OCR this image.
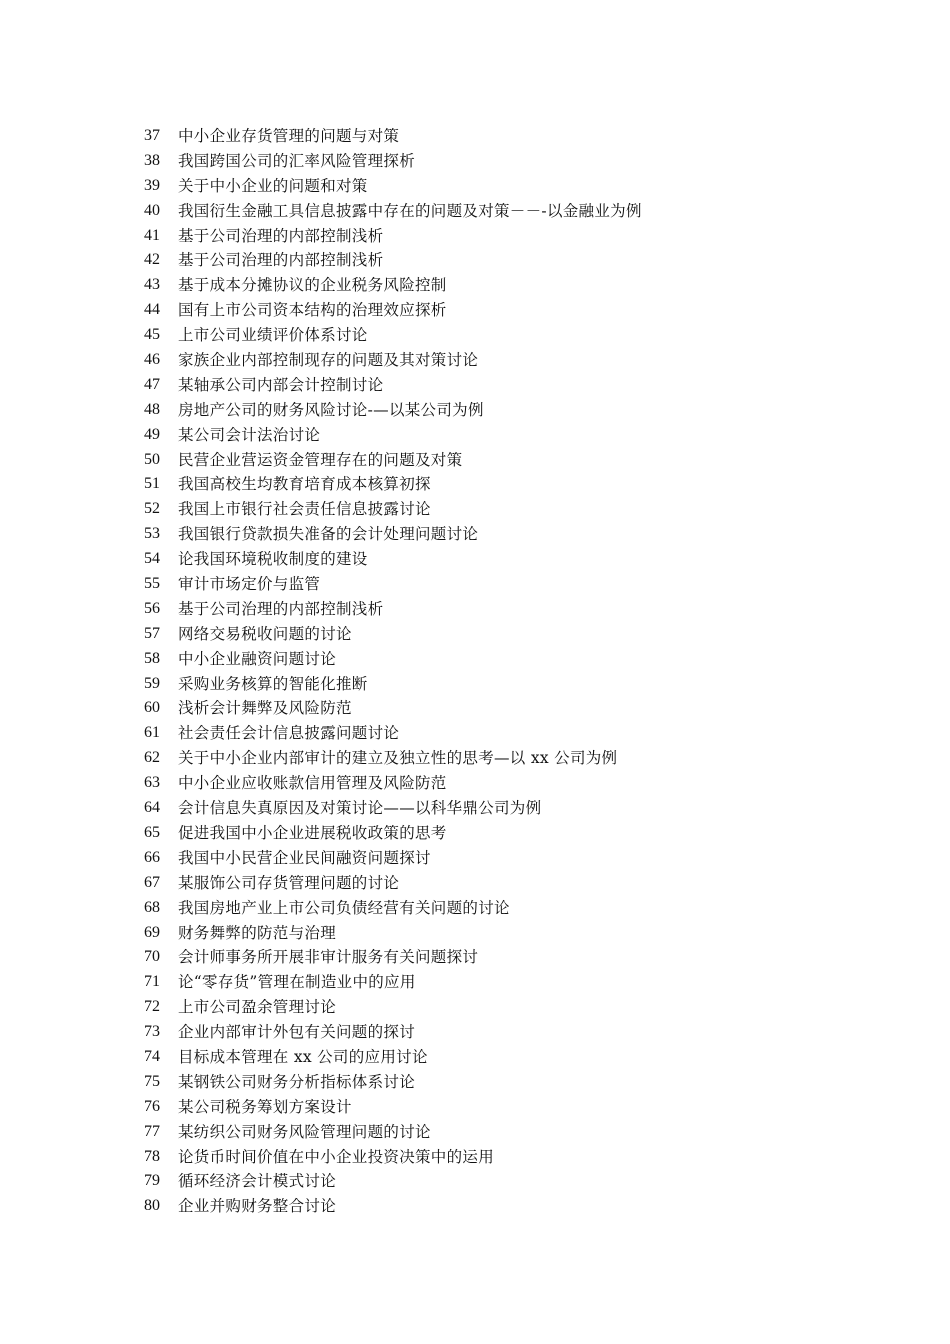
37	中小企业存货管理的问题与对策
38	我国跨国公司的汇率风险管理探析
39	关于中小企业的问题和对策
40	我国衍生金融工具信息披露中存在的问题及对策－－-以金融业为例
41	基于公司治理的内部控制浅析
42	基于公司治理的内部控制浅析
43	基于成本分摊协议的企业税务风险控制
44	国有上市公司资本结构的治理效应探析
45	上市公司业绩评价体系讨论
46	家族企业内部控制现存的问题及其对策讨论
47	某轴承公司内部会计控制讨论
48	房地产公司的财务风险讨论-—以某公司为例
49	某公司会计法治讨论
50	民营企业营运资金管理存在的问题及对策
51	我国高校生均教育培育成本核算初探
52	我国上市银行社会责任信息披露讨论
53	我国银行贷款损失准备的会计处理问题讨论
54	论我国环境税收制度的建设
55	审计市场定价与监管
56	基于公司治理的内部控制浅析
57	网络交易税收问题的讨论
58	中小企业融资问题讨论
59	采购业务核算的智能化推断
60	浅析会计舞弊及风险防范
61	社会责任会计信息披露问题讨论
62	关于中小企业内部审计的建立及独立性的思考—以 xx 公司为例
63	中小企业应收账款信用管理及风险防范
64	会计信息失真原因及对策讨论——以科华鼎公司为例
65	促进我国中小企业进展税收政策的思考
66	我国中小民营企业民间融资问题探讨
67	某服饰公司存货管理问题的讨论
68	我国房地产业上市公司负债经营有关问题的讨论
69	财务舞弊的防范与治理
70	会计师事务所开展非审计服务有关问题探讨
71	论“零存货”管理在制造业中的应用
72	上市公司盈余管理讨论
73	企业内部审计外包有关问题的探讨
74	目标成本管理在 xx 公司的应用讨论
75	某钢铁公司财务分析指标体系讨论
76	某公司税务筹划方案设计
77	某纺织公司财务风险管理问题的讨论
78	论货币时间价值在中小企业投资决策中的运用
79	循环经济会计模式讨论
80	企业并购财务整合讨论
